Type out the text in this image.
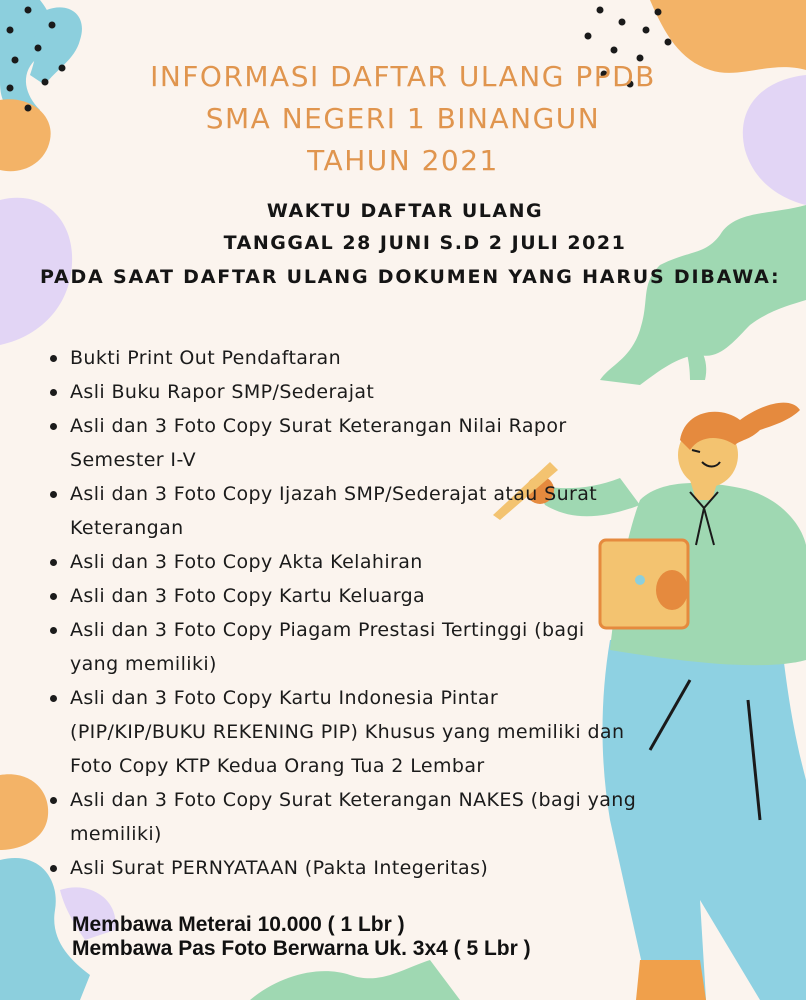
INFORMASI DAFTAR ULANG PPDB
SMA NEGERI 1 BINANGUN
TAHUN 2021

WAKTU DAFTAR ULANG

TANGGAL 28 JUNI S.D 2 JULI 2021

PADA SAAT DAFTAR ULANG DOKUMEN YANG HARUS DIBAWA:

Bukti Print Out Pendaftaran
Asli Buku Rapor SMP/Sederajat
Asli dan 3 Foto Copy Surat Keterangan Nilai Rapor Semester I-V
Asli dan 3 Foto Copy Ijazah SMP/Sederajat atau Surat Keterangan
Asli dan 3 Foto Copy Akta Kelahiran
Asli dan 3 Foto Copy Kartu Keluarga
Asli dan 3 Foto Copy Piagam Prestasi Tertinggi (bagi yang memiliki)
Asli dan 3 Foto Copy Kartu Indonesia Pintar (PIP/KIP/BUKU REKENING PIP) Khusus yang memiliki dan Foto Copy KTP Kedua Orang Tua 2 Lembar
Asli dan 3 Foto Copy Surat Keterangan NAKES (bagi yang memiliki)
Asli Surat PERNYATAAN (Pakta Integeritas)

Membawa Meterai 10.000 ( 1 Lbr )

Membawa Pas Foto Berwarna Uk. 3x4 ( 5 Lbr )
